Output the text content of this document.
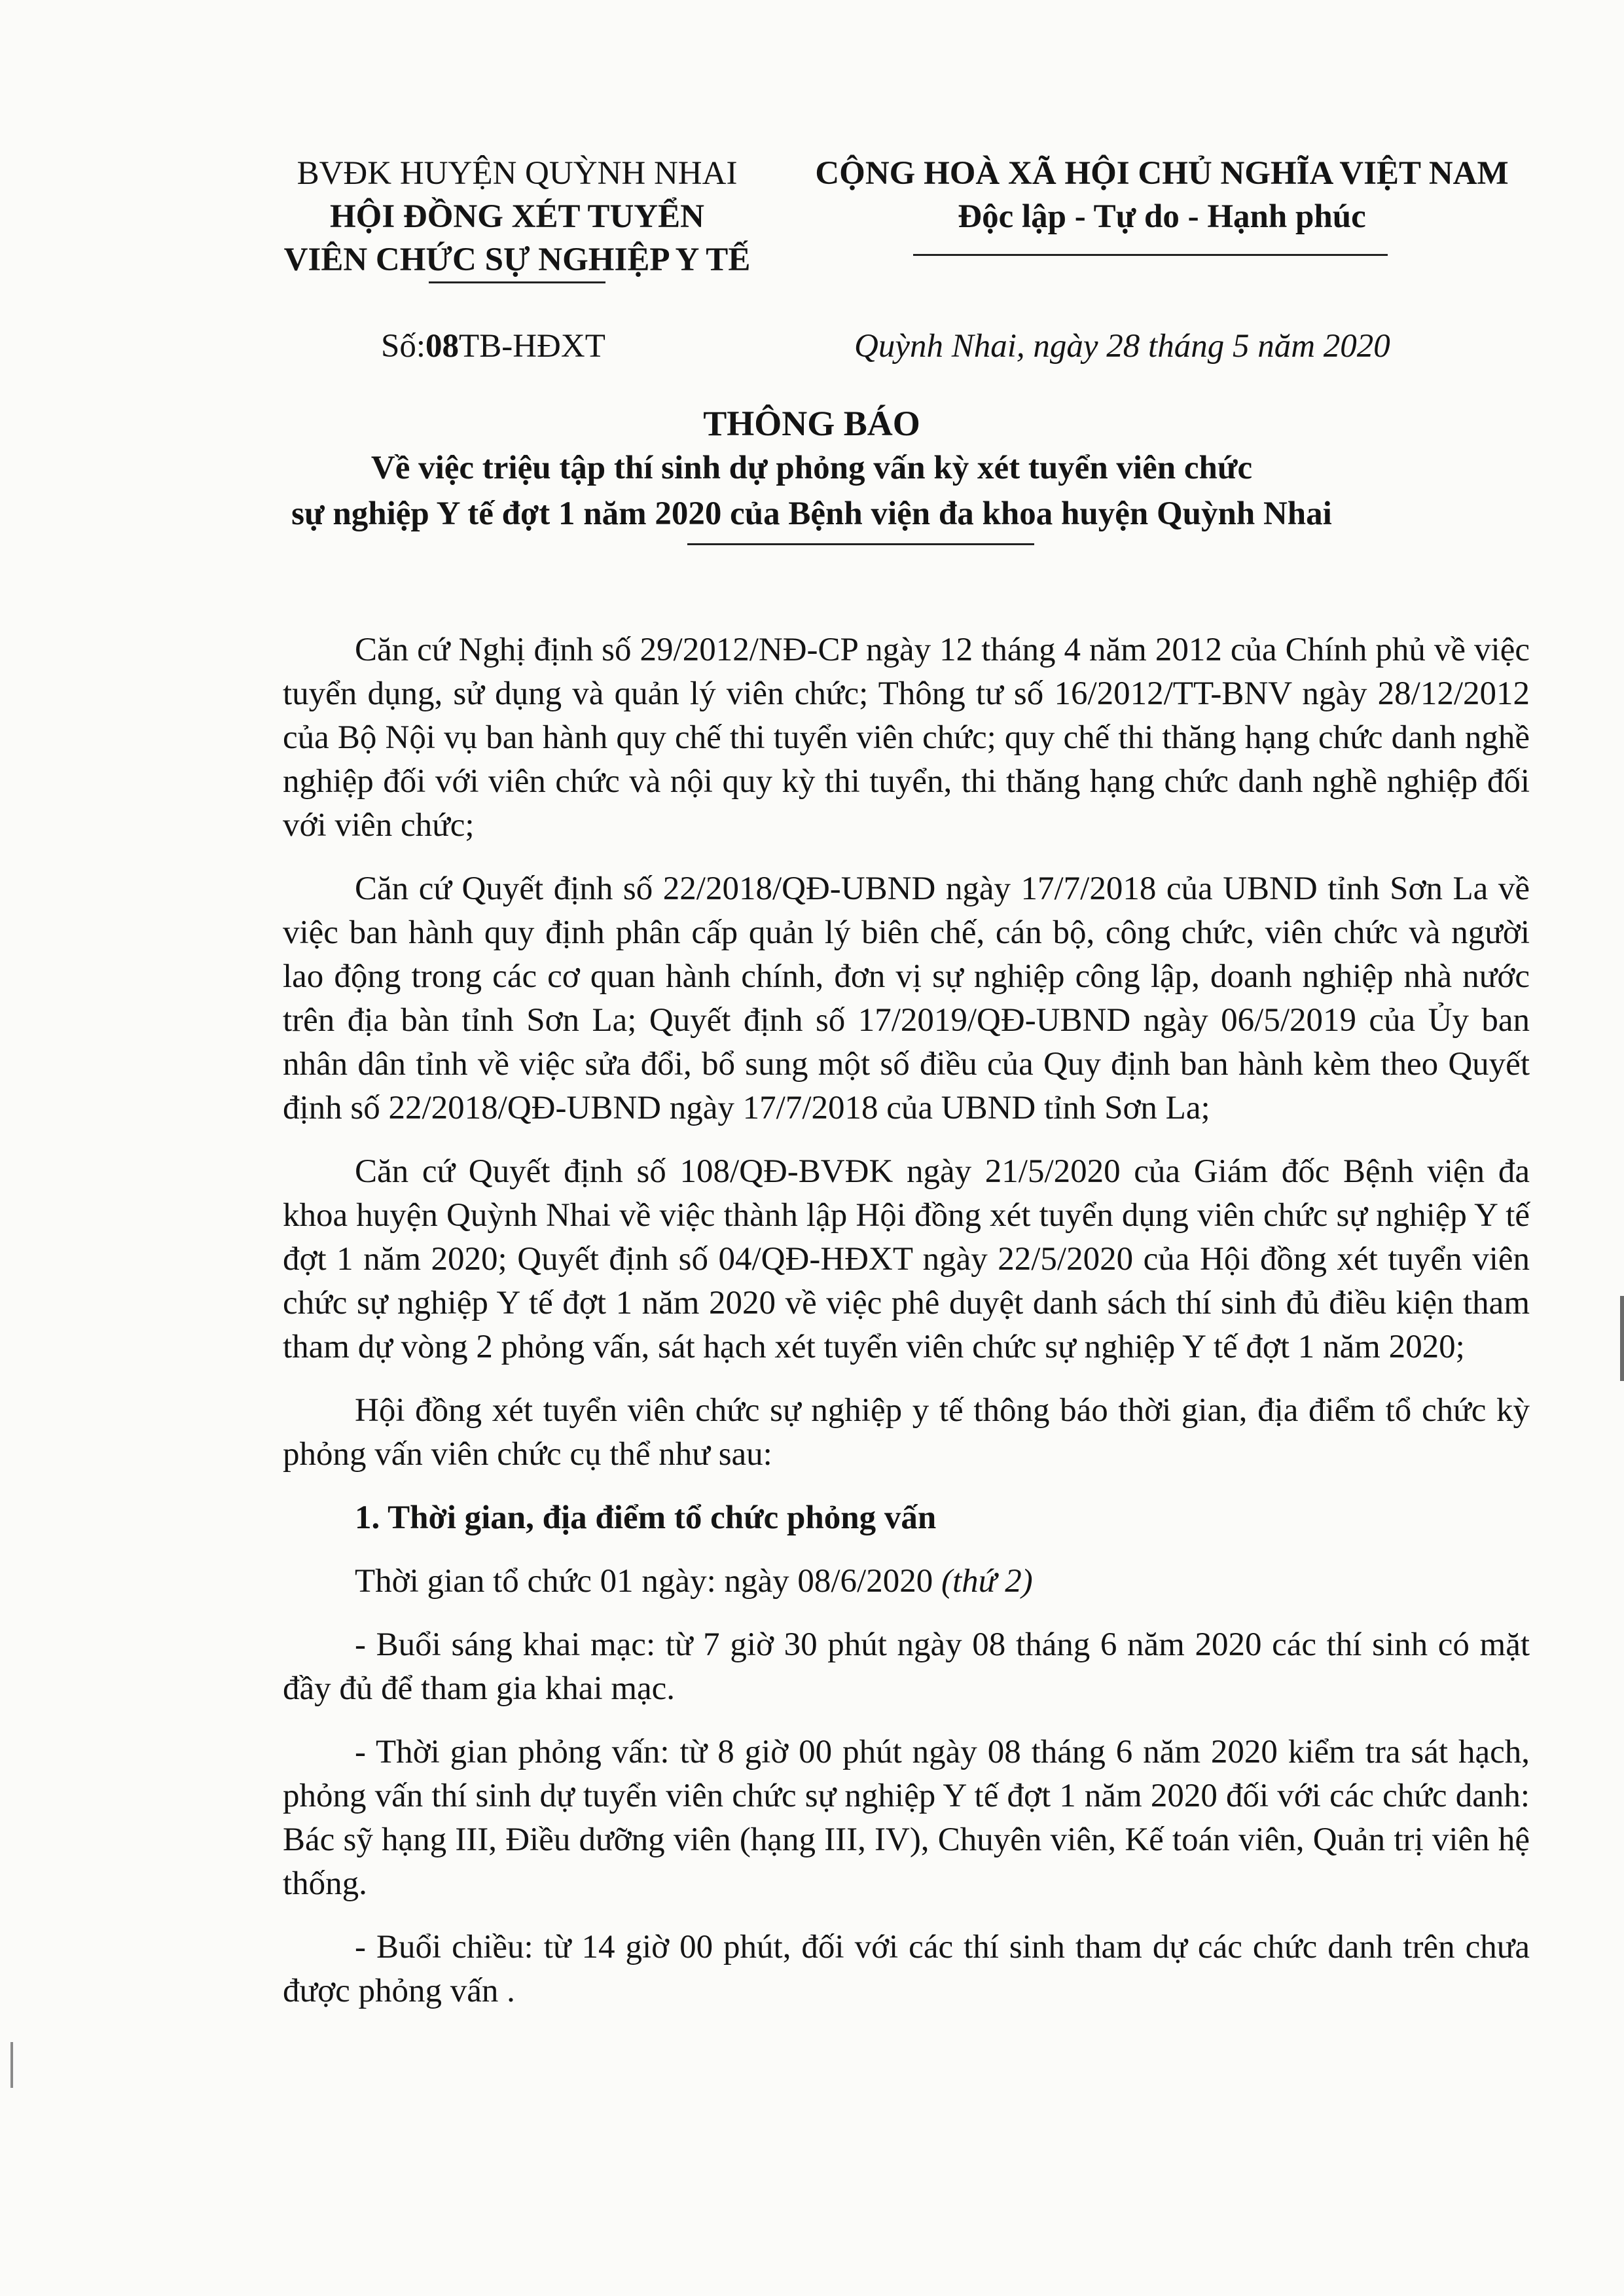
BVĐK HUYỆN QUỲNH NHAI
HỘI ĐỒNG XÉT TUYỂN
VIÊN CHỨC SỰ NGHIỆP Y TẾ
CỘNG HOÀ XÃ HỘI CHỦ NGHĨA VIỆT NAM
Độc lập - Tự do - Hạnh phúc
Số:08TB-HĐXT	Quỳnh Nhai, ngày 28 tháng 5 năm 2020
THÔNG BÁO
Về việc triệu tập thí sinh dự phỏng vấn kỳ xét tuyển viên chức
sự nghiệp Y tế đợt 1 năm 2020 của Bệnh viện đa khoa huyện Quỳnh Nhai

Căn cứ Nghị định số 29/2012/NĐ-CP ngày 12 tháng 4 năm 2012 của Chính phủ về việc tuyển dụng, sử dụng và quản lý viên chức; Thông tư số 16/2012/TT-BNV ngày 28/12/2012 của Bộ Nội vụ ban hành quy chế thi tuyển viên chức; quy chế thi thăng hạng chức danh nghề nghiệp đối với viên chức và nội quy kỳ thi tuyển, thi thăng hạng chức danh nghề nghiệp đối với viên chức;

Căn cứ Quyết định số 22/2018/QĐ-UBND ngày 17/7/2018 của UBND tỉnh Sơn La về việc ban hành quy định phân cấp quản lý biên chế, cán bộ, công chức, viên chức và người lao động trong các cơ quan hành chính, đơn vị sự nghiệp công lập, doanh nghiệp nhà nước trên địa bàn tỉnh Sơn La; Quyết định số 17/2019/QĐ-UBND ngày 06/5/2019 của Ủy ban nhân dân tỉnh về việc sửa đổi, bổ sung một số điều của Quy định ban hành kèm theo Quyết định số 22/2018/QĐ-UBND ngày 17/7/2018 của UBND tỉnh Sơn La;

Căn cứ Quyết định số 108/QĐ-BVĐK ngày 21/5/2020 của Giám đốc Bệnh viện đa khoa huyện Quỳnh Nhai về việc thành lập Hội đồng xét tuyển dụng viên chức sự nghiệp Y tế đợt 1 năm 2020; Quyết định số 04/QĐ-HĐXT ngày 22/5/2020 của Hội đồng xét tuyển viên chức sự nghiệp Y tế đợt 1 năm 2020 về việc phê duyệt danh sách thí sinh đủ điều kiện tham tham dự vòng 2 phỏng vấn, sát hạch xét tuyển viên chức sự nghiệp Y tế đợt 1 năm 2020;

Hội đồng xét tuyển viên chức sự nghiệp y tế thông báo thời gian, địa điểm tổ chức kỳ phỏng vấn viên chức cụ thể như sau:

1. Thời gian, địa điểm tổ chức phỏng vấn

Thời gian tổ chức 01 ngày: ngày 08/6/2020 (thứ 2)

- Buổi sáng khai mạc: từ 7 giờ 30 phút ngày 08 tháng 6 năm 2020 các thí sinh có mặt đầy đủ để tham gia khai mạc.

- Thời gian phỏng vấn: từ 8 giờ 00 phút ngày 08 tháng 6 năm 2020 kiểm tra sát hạch, phỏng vấn thí sinh dự tuyển viên chức sự nghiệp Y tế đợt 1 năm 2020 đối với các chức danh: Bác sỹ hạng III, Điều dưỡng viên (hạng III, IV), Chuyên viên, Kế toán viên, Quản trị viên hệ thống.

- Buổi chiều: từ 14 giờ 00 phút, đối với các thí sinh tham dự các chức danh trên chưa được phỏng vấn .
